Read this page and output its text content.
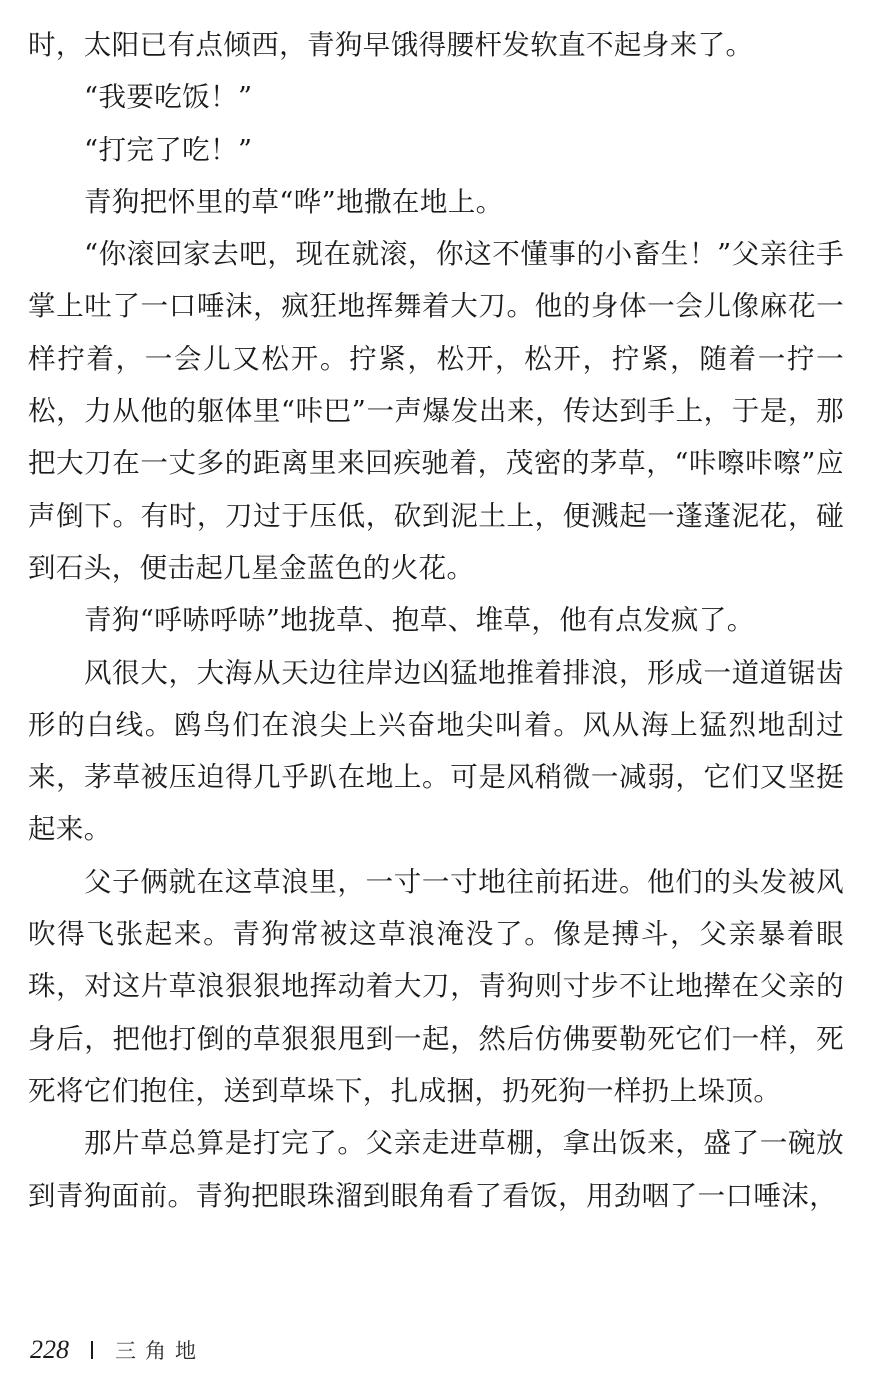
时，太阳已有点倾西，青狗早饿得腰杆发软直不起身来了。

“我要吃饭！”

“打完了吃！”

青狗把怀里的草“哗”地撒在地上。

“你滚回家去吧，现在就滚，你这不懂事的小畜生！”父亲往手掌上吐了一口唾沫，疯狂地挥舞着大刀。他的身体一会儿像麻花一样拧着，一会儿又松开。拧紧，松开，松开，拧紧，随着一拧一松，力从他的躯体里“咔巴”一声爆发出来，传达到手上，于是，那把大刀在一丈多的距离里来回疾驰着，茂密的茅草，“咔嚓咔嚓”应声倒下。有时，刀过于压低，砍到泥土上，便溅起一蓬蓬泥花，碰到石头，便击起几星金蓝色的火花。

青狗“呼哧呼哧”地拢草、抱草、堆草，他有点发疯了。

风很大，大海从天边往岸边凶猛地推着排浪，形成一道道锯齿形的白线。鸥鸟们在浪尖上兴奋地尖叫着。风从海上猛烈地刮过来，茅草被压迫得几乎趴在地上。可是风稍微一减弱，它们又坚挺起来。

父子俩就在这草浪里，一寸一寸地往前拓进。他们的头发被风吹得飞张起来。青狗常被这草浪淹没了。像是搏斗，父亲暴着眼珠，对这片草浪狠狠地挥动着大刀，青狗则寸步不让地撵在父亲的身后，把他打倒的草狠狠甩到一起，然后仿佛要勒死它们一样，死死将它们抱住，送到草垛下，扎成捆，扔死狗一样扔上垛顶。

那片草总算是打完了。父亲走进草棚，拿出饭来，盛了一碗放到青狗面前。青狗把眼珠溜到眼角看了看饭，用劲咽了一口唾沫，

228 三角地
